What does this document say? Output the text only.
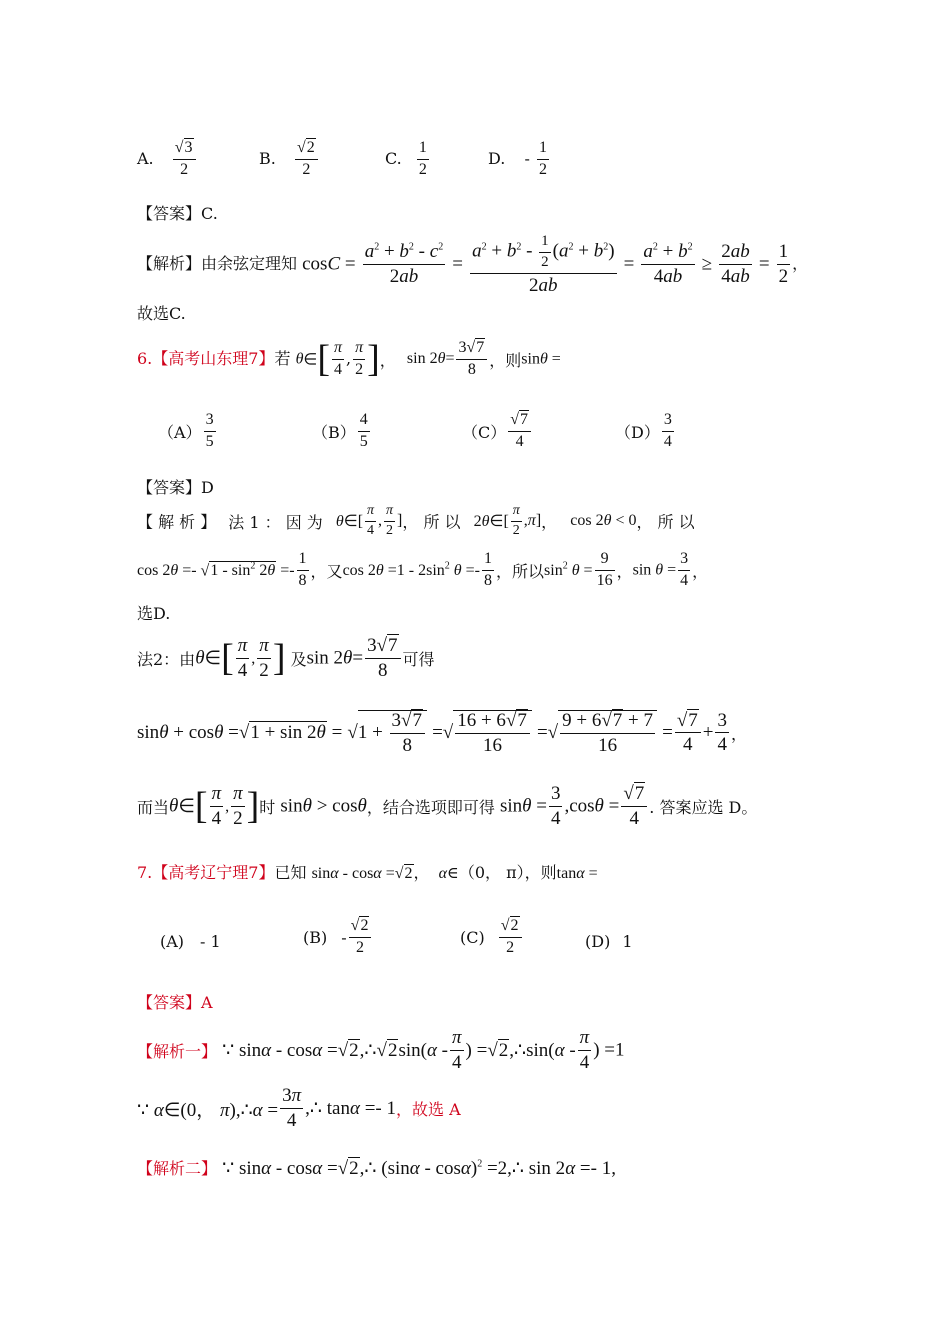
A. $\frac{√3}{2}$	B. $\frac{√2}{2}$	C. $\frac{1}{2}$	D. - $\frac{1}{2}$
【答案】C.
【解析】由余弦定理知 $\cos C = \frac{a^2 + b^2 - c^2}{2ab} = \frac{a^2 + b^2 - \frac{1}{2} (a^2 + b^2)}{2ab} = \frac{a^2 + b^2}{4ab} \ge \frac{2ab}{4ab} = \frac{1}{2}$ ，
故选C.
6.【高考山东理7】若 θ∈[ $\frac{\pi}{4}$ , $\frac{\pi}{2}$ ]， $\sin 2\theta= \frac{3√7}{8}$ ，则sinθ =
$(A) \frac{3}{5}$	$(B) \frac{4}{5}$	$(C) \frac{√7}{4}$	$(D) \frac{3}{4}$
【答案】D
【 解 析 】 法 1 ： 因 为 θ∈[ $\frac{\pi}{4}$ , $\frac{\pi}{2}$ ]， 所 以 2θ∈[ $\frac{\pi}{2} ,\pi$]， cos 2θ < 0， 所 以
$\cos 2\theta =- √1 - \sin^2 2\theta =- \frac{1}{8}$ ，又$\cos 2\theta =1 - 2\sin^2$ $\theta =- \frac{1}{8}$ ，所以$\sin^2 \theta = \frac{9}{16}$ ，$\sin \theta = \frac{3}{4}$ ，
选D.
法2：由θ∈[ $\frac{\pi}{4}$ , $\frac{\pi}{2}$ ] 及$\sin 2\theta= \frac{3√7}{8}$ 可得
$\sin\theta + \cos\theta =√1 + \sin 2\theta = √1 + \frac{3√7}{8}$ =√ $\frac{16 + 6√7}{16}$ =√ $\frac{9 + 6√7 + 7}{16} = \frac{√7}{4} + \frac{3}{4}$ ，
而当θ∈[ $\frac{\pi}{4}$ , $\frac{\pi}{2}$ ]时 sinθ > cosθ，结合选项即可得 $\sin\theta = \frac{3}{4} ,\cos\theta = \frac{√7}{4}$ . 答案应选 D。
7.【高考辽宁理7】已知 sinα - cosα =√2， α∈（0， π），则tanα =
(A) - 1	$(B) - \frac{√2}{2}$	$(C) \frac{√2}{2}$	(D) 1
【答案】A
【解析一】 ∵ sinα - cosα =√2,∴√2sin(α - $\frac{\pi}{4}$ ) =√2,∴sin(α - $\frac{\pi}{4}$ ) =1
∵ α∈(0， π),∴α = $\frac{3\pi}{4}$ ,∴ tanα =- 1，故选 A
【解析二】 ∵ sinα - cosα =√2,∴ (sinα - cosα)$^2$ =2,∴ sin 2α =- 1,
